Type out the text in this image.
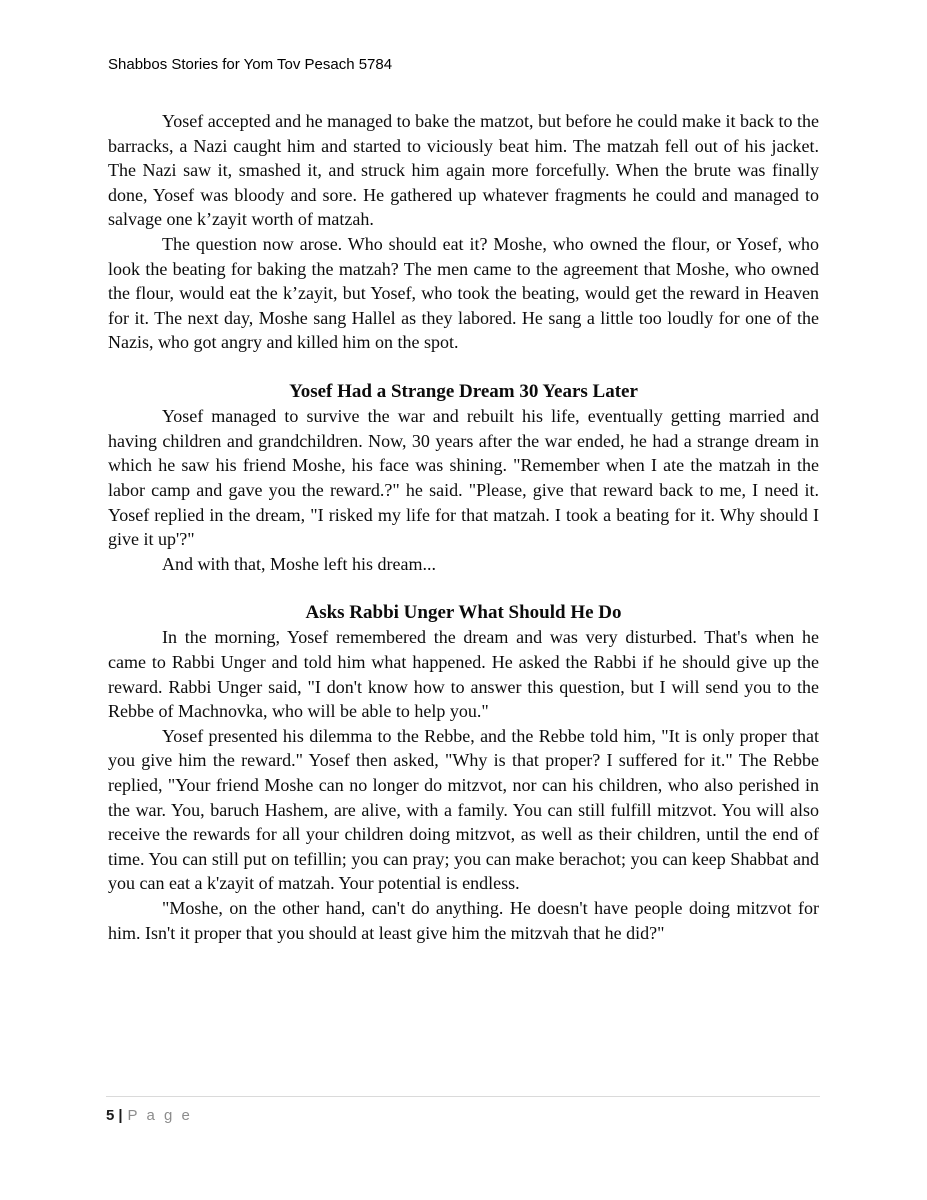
Shabbos Stories for Yom Tov Pesach 5784

Yosef accepted and he managed to bake the matzot, but before he could make it back to the barracks, a Nazi caught him and started to viciously beat him. The matzah fell out of his jacket. The Nazi saw it, smashed it, and struck him again more forcefully. When the brute was finally done, Yosef was bloody and sore. He gathered up whatever fragments he could and managed to salvage one k’zayit worth of matzah.

The question now arose. Who should eat it? Moshe, who owned the flour, or Yosef, who look the beating for baking the matzah? The men came to the agreement that Moshe, who owned the flour, would eat the k’zayit, but Yosef, who took the beating, would get the reward in Heaven for it. The next day, Moshe sang Hallel as they labored. He sang a little too loudly for one of the Nazis, who got angry and killed him on the spot.

Yosef Had a Strange Dream 30 Years Later

Yosef managed to survive the war and rebuilt his life, eventually getting married and having children and grandchildren. Now, 30 years after the war ended, he had a strange dream in which he saw his friend Moshe, his face was shining. "Remember when I ate the matzah in the labor camp and gave you the reward.?" he said. "Please, give that reward back to me, I need it. Yosef replied in the dream, "I risked my life for that matzah. I took a beating for it. Why should I give it up'?"

And with that, Moshe left his dream...

Asks Rabbi Unger What Should He Do

In the morning, Yosef remembered the dream and was very disturbed. That's when he came to Rabbi Unger and told him what happened. He asked the Rabbi if he should give up the reward. Rabbi Unger said, "I don't know how to answer this question, but I will send you to the Rebbe of Machnovka, who will be able to help you."

Yosef presented his dilemma to the Rebbe, and the Rebbe told him, "It is only proper that you give him the reward." Yosef then asked, "Why is that proper? I suffered for it." The Rebbe replied, "Your friend Moshe can no longer do mitzvot, nor can his children, who also perished in the war. You, baruch Hashem, are alive, with a family. You can still fulfill mitzvot. You will also receive the rewards for all your children doing mitzvot, as well as their children, until the end of time. You can still put on tefillin; you can pray; you can make berachot; you can keep Shabbat and you can eat a k'zayit of matzah. Your potential is endless.

"Moshe, on the other hand, can't do anything. He doesn't have people doing mitzvot for him. Isn't it proper that you should at least give him the mitzvah that he did?"

5 | P a g e
